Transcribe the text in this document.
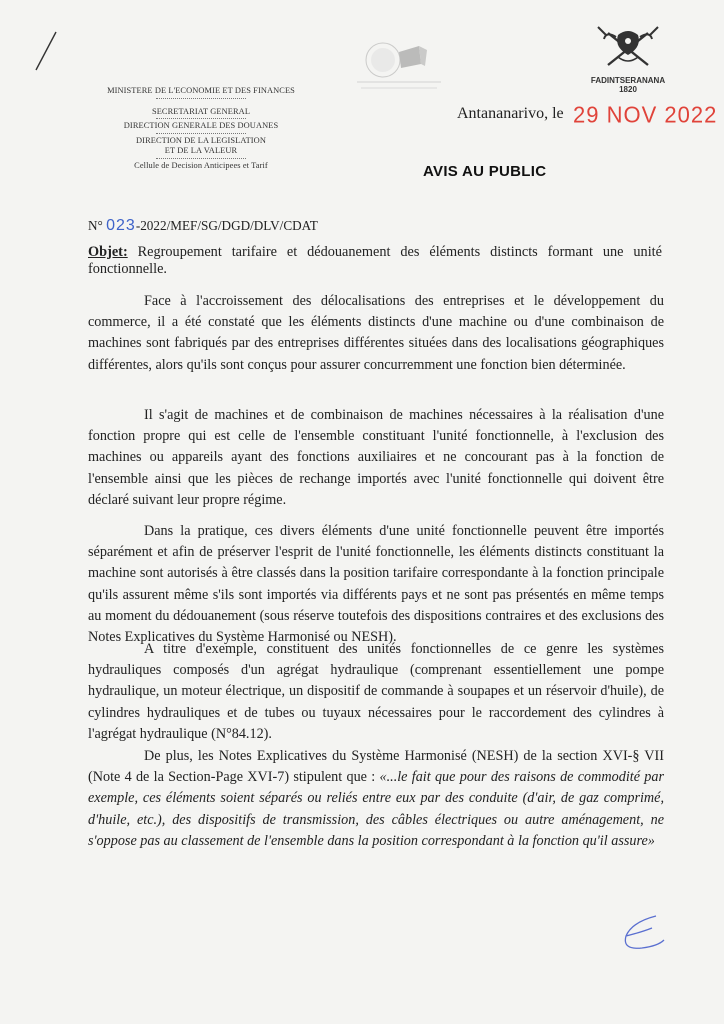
MINISTERE DE L'ECONOMIE ET DES FINANCES
SECRETARIAT GENERAL
DIRECTION GENERALE DES DOUANES
DIRECTION DE LA LEGISLATION
ET DE LA VALEUR
Cellule de Decision Anticipees et Tarif
FADINTSERANANA
1820
Antananarivo, le 29 NOV 2022
AVIS AU PUBLIC
N° 023-2022/MEF/SG/DGD/DLV/CDAT
Objet: Regroupement tarifaire et dédouanement des éléments distincts formant une unité fonctionnelle.
Face à l'accroissement des délocalisations des entreprises et le développement du commerce, il a été constaté que les éléments distincts d'une machine ou d'une combinaison de machines sont fabriqués par des entreprises différentes situées dans des localisations géographiques différentes, alors qu'ils sont conçus pour assurer concurremment une fonction bien déterminée.
Il s'agit de machines et de combinaison de machines nécessaires à la réalisation d'une fonction propre qui est celle de l'ensemble constituant l'unité fonctionnelle, à l'exclusion des machines ou appareils ayant des fonctions auxiliaires et ne concourant pas à la fonction de l'ensemble ainsi que les pièces de rechange importés avec l'unité fonctionnelle qui doivent être déclaré suivant leur propre régime.
Dans la pratique, ces divers éléments d'une unité fonctionnelle peuvent être importés séparément et afin de préserver l'esprit de l'unité fonctionnelle, les éléments distincts constituant la machine sont autorisés à être classés dans la position tarifaire correspondante à la fonction principale qu'ils assurent même s'ils sont importés via différents pays et ne sont pas présentés en même temps au moment du dédouanement (sous réserve toutefois des dispositions contraires et des exclusions des Notes Explicatives du Système Harmonisé ou NESH).
A titre d'exemple, constituent des unités fonctionnelles de ce genre les systèmes hydrauliques composés d'un agrégat hydraulique (comprenant essentiellement une pompe hydraulique, un moteur électrique, un dispositif de commande à soupapes et un réservoir d'huile), de cylindres hydrauliques et de tubes ou tuyaux nécessaires pour le raccordement des cylindres à l'agrégat hydraulique (N°84.12).
De plus, les Notes Explicatives du Système Harmonisé (NESH) de la section XVI-§ VII (Note 4 de la Section-Page XVI-7) stipulent que : «...le fait que pour des raisons de commodité par exemple, ces éléments soient séparés ou reliés entre eux par des conduite (d'air, de gaz comprimé, d'huile, etc.), des dispositifs de transmission, des câbles électriques ou autre aménagement, ne s'oppose pas au classement de l'ensemble dans la position correspondant à la fonction qu'il assure»
